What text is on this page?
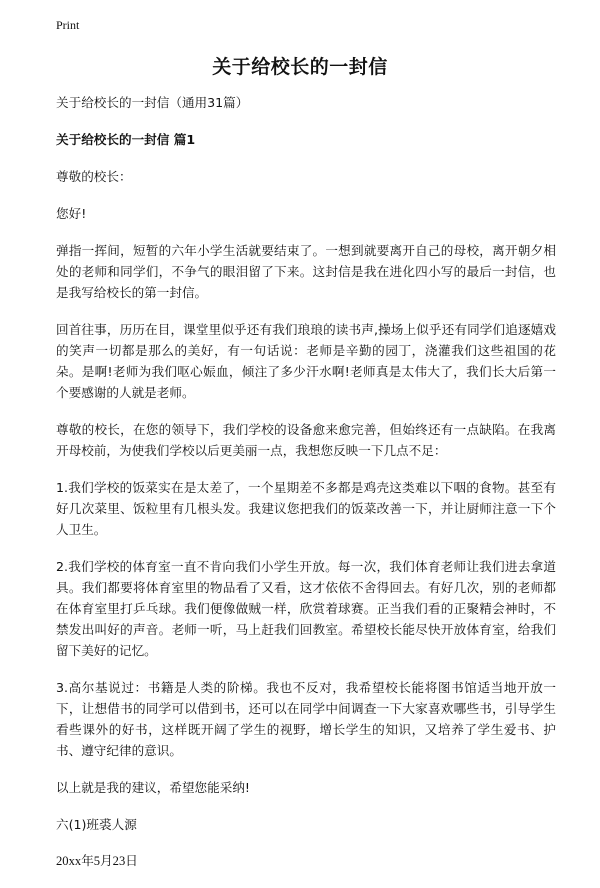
Print
关于给校长的一封信

关于给校长的一封信（通用31篇）

关于给校长的一封信 篇1

尊敬的校长：

您好!

弹指一挥间，短暂的六年小学生活就要结束了。一想到就要离开自己的母校，离开朝夕相处的老师和同学们，不争气的眼泪留了下来。这封信是我在进化四小写的最后一封信，也是我写给校长的第一封信。

回首往事，历历在目，课堂里似乎还有我们琅琅的读书声,操场上似乎还有同学们追逐嬉戏的笑声一切都是那么的美好，有一句话说：老师是辛勤的园丁，浇灌我们这些祖国的花朵。是啊!老师为我们呕心娠血，倾注了多少汗水啊!老师真是太伟大了，我们长大后第一个要感谢的人就是老师。

尊敬的校长，在您的领导下，我们学校的设备愈来愈完善，但始终还有一点缺陷。在我离开母校前，为使我们学校以后更美丽一点，我想您反映一下几点不足：

1.我们学校的饭菜实在是太差了，一个星期差不多都是鸡壳这类难以下咽的食物。甚至有好几次菜里、饭粒里有几根头发。我建议您把我们的饭菜改善一下，并让厨师注意一下个人卫生。

2.我们学校的体育室一直不肯向我们小学生开放。每一次，我们体育老师让我们进去拿道具。我们都要将体育室里的物品看了又看，这才依依不舍得回去。有好几次，别的老师都在体育室里打乒乓球。我们便像做贼一样，欣赏着球赛。正当我们看的正聚精会神时，不禁发出叫好的声音。老师一听，马上赶我们回教室。希望校长能尽快开放体育室，给我们留下美好的记忆。

3.高尔基说过：书籍是人类的阶梯。我也不反对，我希望校长能将图书馆适当地开放一下，让想借书的同学可以借到书，还可以在同学中间调查一下大家喜欢哪些书，引导学生看些课外的好书，这样既开阔了学生的视野，增长学生的知识，又培养了学生爱书、护书、遵守纪律的意识。

以上就是我的建议，希望您能采纳!

六(1)班裘人源

20xx年5月23日
